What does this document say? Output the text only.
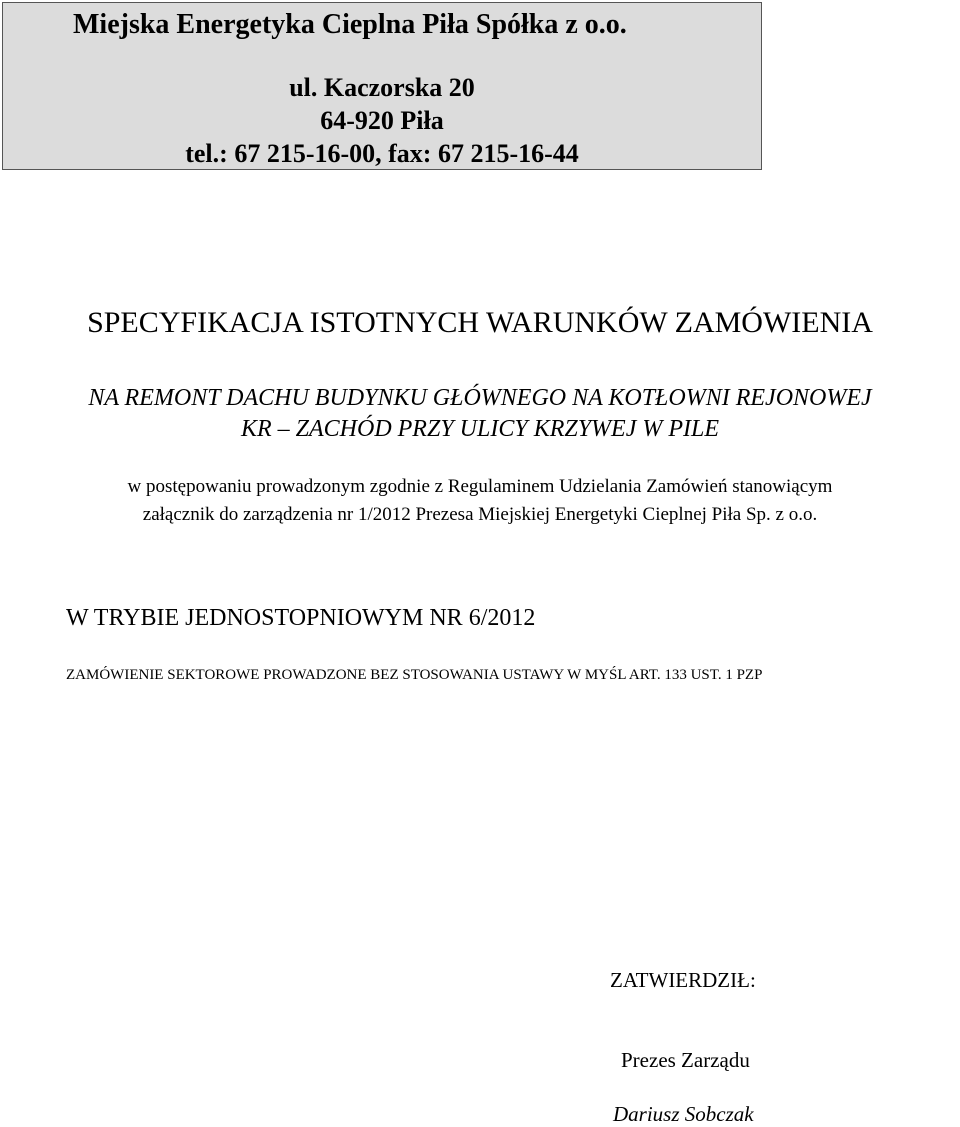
Miejska Energetyka Cieplna Piła Spółka z o.o.
ul. Kaczorska 20
64-920 Piła
tel.: 67 215-16-00, fax: 67 215-16-44
SPECYFIKACJA ISTOTNYCH WARUNKÓW ZAMÓWIENIA
NA REMONT DACHU BUDYNKU GŁÓWNEGO NA KOTŁOWNI REJONOWEJ
KR – ZACHÓD PRZY ULICY KRZYWEJ W PILE
w postępowaniu prowadzonym zgodnie z Regulaminem Udzielania Zamówień stanowiącym
załącznik do zarządzenia nr 1/2012 Prezesa Miejskiej Energetyki Cieplnej Piła Sp. z o.o.
W TRYBIE JEDNOSTOPNIOWYM NR 6/2012
ZAMÓWIENIE SEKTOROWE PROWADZONE BEZ STOSOWANIA USTAWY W MYŚL ART. 133 UST. 1 PZP
ZATWIERDZIŁ:
Prezes Zarządu
Dariusz Sobczak
